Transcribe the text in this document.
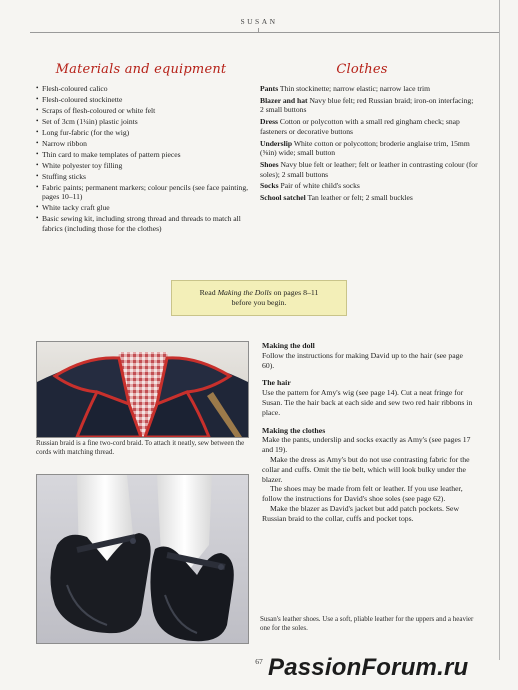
SUSAN
Materials and equipment
• Flesh-coloured calico
• Flesh-coloured stockinette
• Scraps of flesh-coloured or white felt
• Set of 3cm (1¼in) plastic joints
• Long fur-fabric (for the wig)
• Narrow ribbon
• Thin card to make templates of pattern pieces
• White polyester toy filling
• Stuffing sticks
• Fabric paints; permanent markers; colour pencils (see face painting, pages 10–11)
• White tacky craft glue
• Basic sewing kit, including strong thread and threads to match all fabrics (including those for the clothes)
Clothes
Pants Thin stockinette; narrow elastic; narrow lace trim
Blazer and hat Navy blue felt; red Russian braid; iron-on interfacing; 2 small buttons
Dress Cotton or polycotton with a small red gingham check; snap fasteners or decorative buttons
Underslip White cotton or polycotton; broderie anglaise trim, 15mm (⅝in) wide; small button
Shoes Navy blue felt or leather; felt or leather in contrasting colour (for soles); 2 small buttons
Socks Pair of white child's socks
School satchel Tan leather or felt; 2 small buckles
Read Making the Dolls on pages 8–11
before you begin.
Russian braid is a fine two-cord braid. To attach it neatly, sew between the cords with matching thread.
Susan's leather shoes. Use a soft, pliable leather for the uppers and a heavier one for the soles.
Making the doll

Follow the instructions for making David up to the hair (see page 60).

The hair

Use the pattern for Amy's wig (see page 14). Cut a neat fringe for Susan. Tie the hair back at each side and sew two red hair ribbons in place.

Making the clothes

Make the pants, underslip and socks exactly as Amy's (see pages 17 and 19).

Make the dress as Amy's but do not use contrasting fabric for the collar and cuffs. Omit the tie belt, which will look bulky under the blazer.

The shoes may be made from felt or leather. If you use leather, follow the instructions for David's shoe soles (see page 62).

Make the blazer as David's jacket but add patch pockets. Sew Russian braid to the collar, cuffs and pocket tops.

67 PassionForum.ru
